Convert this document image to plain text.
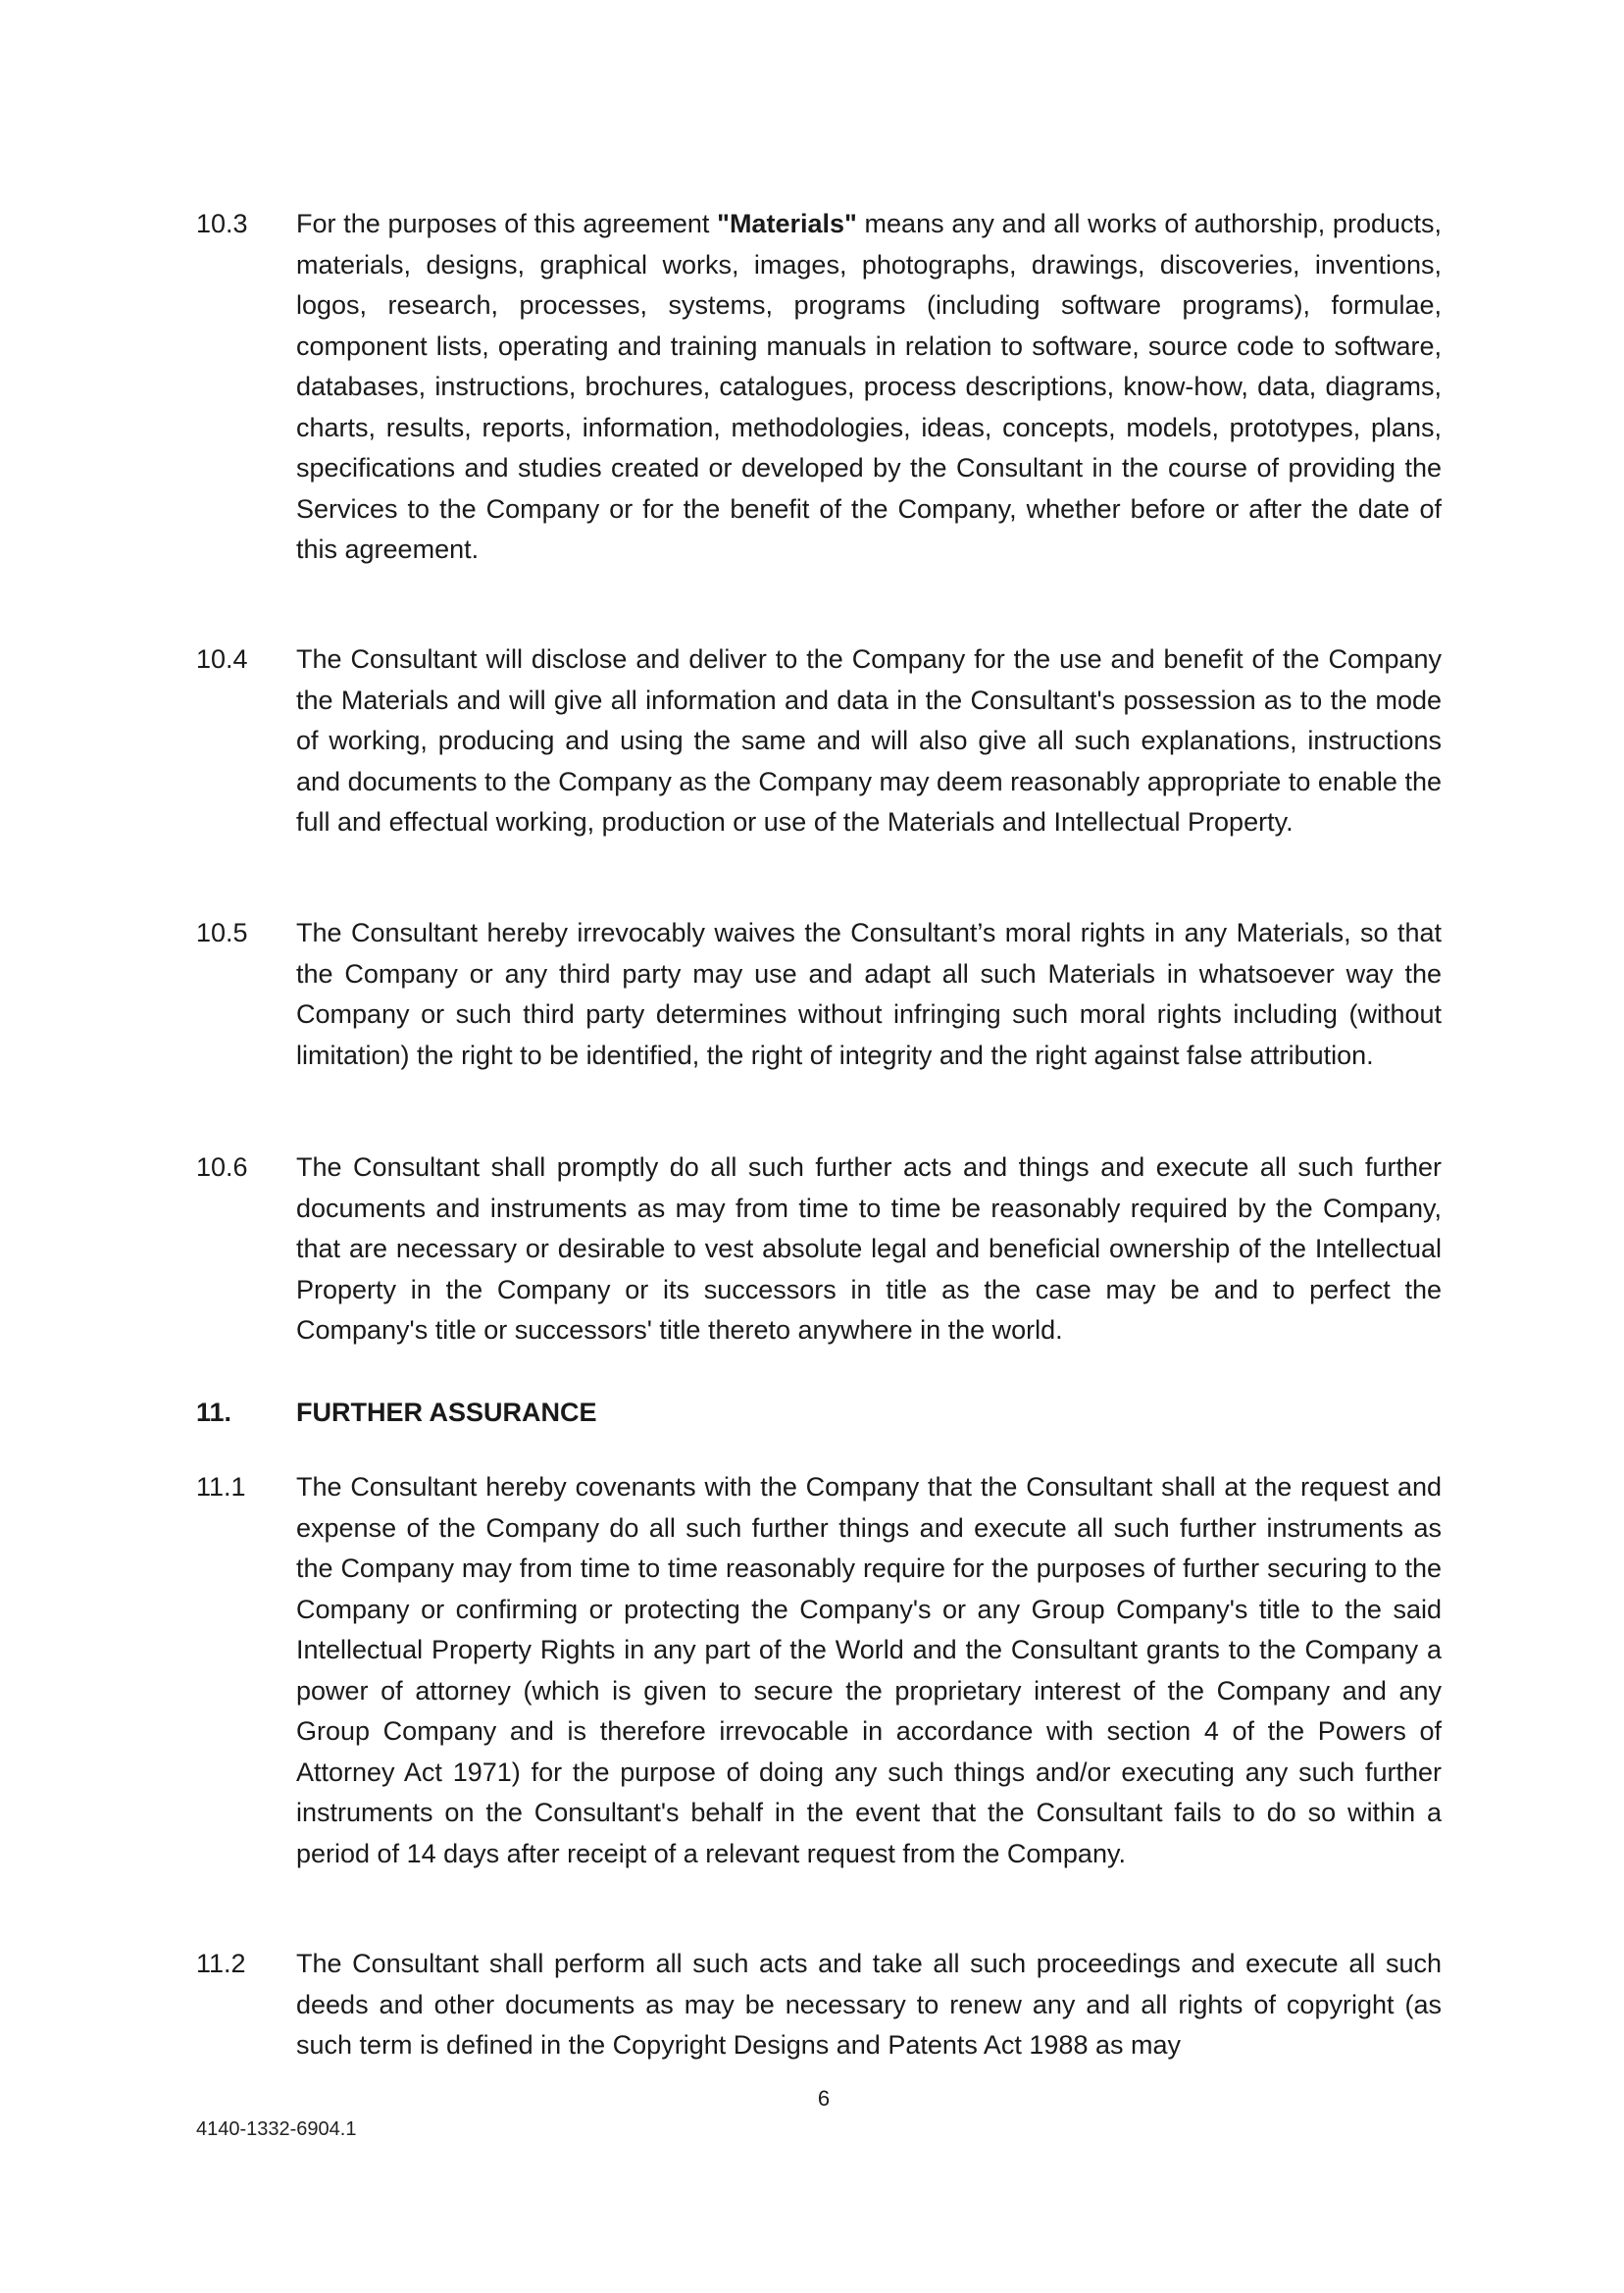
10.3 For the purposes of this agreement "Materials" means any and all works of authorship, products, materials, designs, graphical works, images, photographs, drawings, discoveries, inventions, logos, research, processes, systems, programs (including software programs), formulae, component lists, operating and training manuals in relation to software, source code to software, databases, instructions, brochures, catalogues, process descriptions, know-how, data, diagrams, charts, results, reports, information, methodologies, ideas, concepts, models, prototypes, plans, specifications and studies created or developed by the Consultant in the course of providing the Services to the Company or for the benefit of the Company, whether before or after the date of this agreement.
10.4 The Consultant will disclose and deliver to the Company for the use and benefit of the Company the Materials and will give all information and data in the Consultant's possession as to the mode of working, producing and using the same and will also give all such explanations, instructions and documents to the Company as the Company may deem reasonably appropriate to enable the full and effectual working, production or use of the Materials and Intellectual Property.
10.5 The Consultant hereby irrevocably waives the Consultant’s moral rights in any Materials, so that the Company or any third party may use and adapt all such Materials in whatsoever way the Company or such third party determines without infringing such moral rights including (without limitation) the right to be identified, the right of integrity and the right against false attribution.
10.6 The Consultant shall promptly do all such further acts and things and execute all such further documents and instruments as may from time to time be reasonably required by the Company, that are necessary or desirable to vest absolute legal and beneficial ownership of the Intellectual Property in the Company or its successors in title as the case may be and to perfect the Company's title or successors' title thereto anywhere in the world.
11. FURTHER ASSURANCE
11.1 The Consultant hereby covenants with the Company that the Consultant shall at the request and expense of the Company do all such further things and execute all such further instruments as the Company may from time to time reasonably require for the purposes of further securing to the Company or confirming or protecting the Company's or any Group Company's title to the said Intellectual Property Rights in any part of the World and the Consultant grants to the Company a power of attorney (which is given to secure the proprietary interest of the Company and any Group Company and is therefore irrevocable in accordance with section 4 of the Powers of Attorney Act 1971) for the purpose of doing any such things and/or executing any such further instruments on the Consultant's behalf in the event that the Consultant fails to do so within a period of 14 days after receipt of a relevant request from the Company.
11.2 The Consultant shall perform all such acts and take all such proceedings and execute all such deeds and other documents as may be necessary to renew any and all rights of copyright (as such term is defined in the Copyright Designs and Patents Act 1988 as may
6
4140-1332-6904.1
